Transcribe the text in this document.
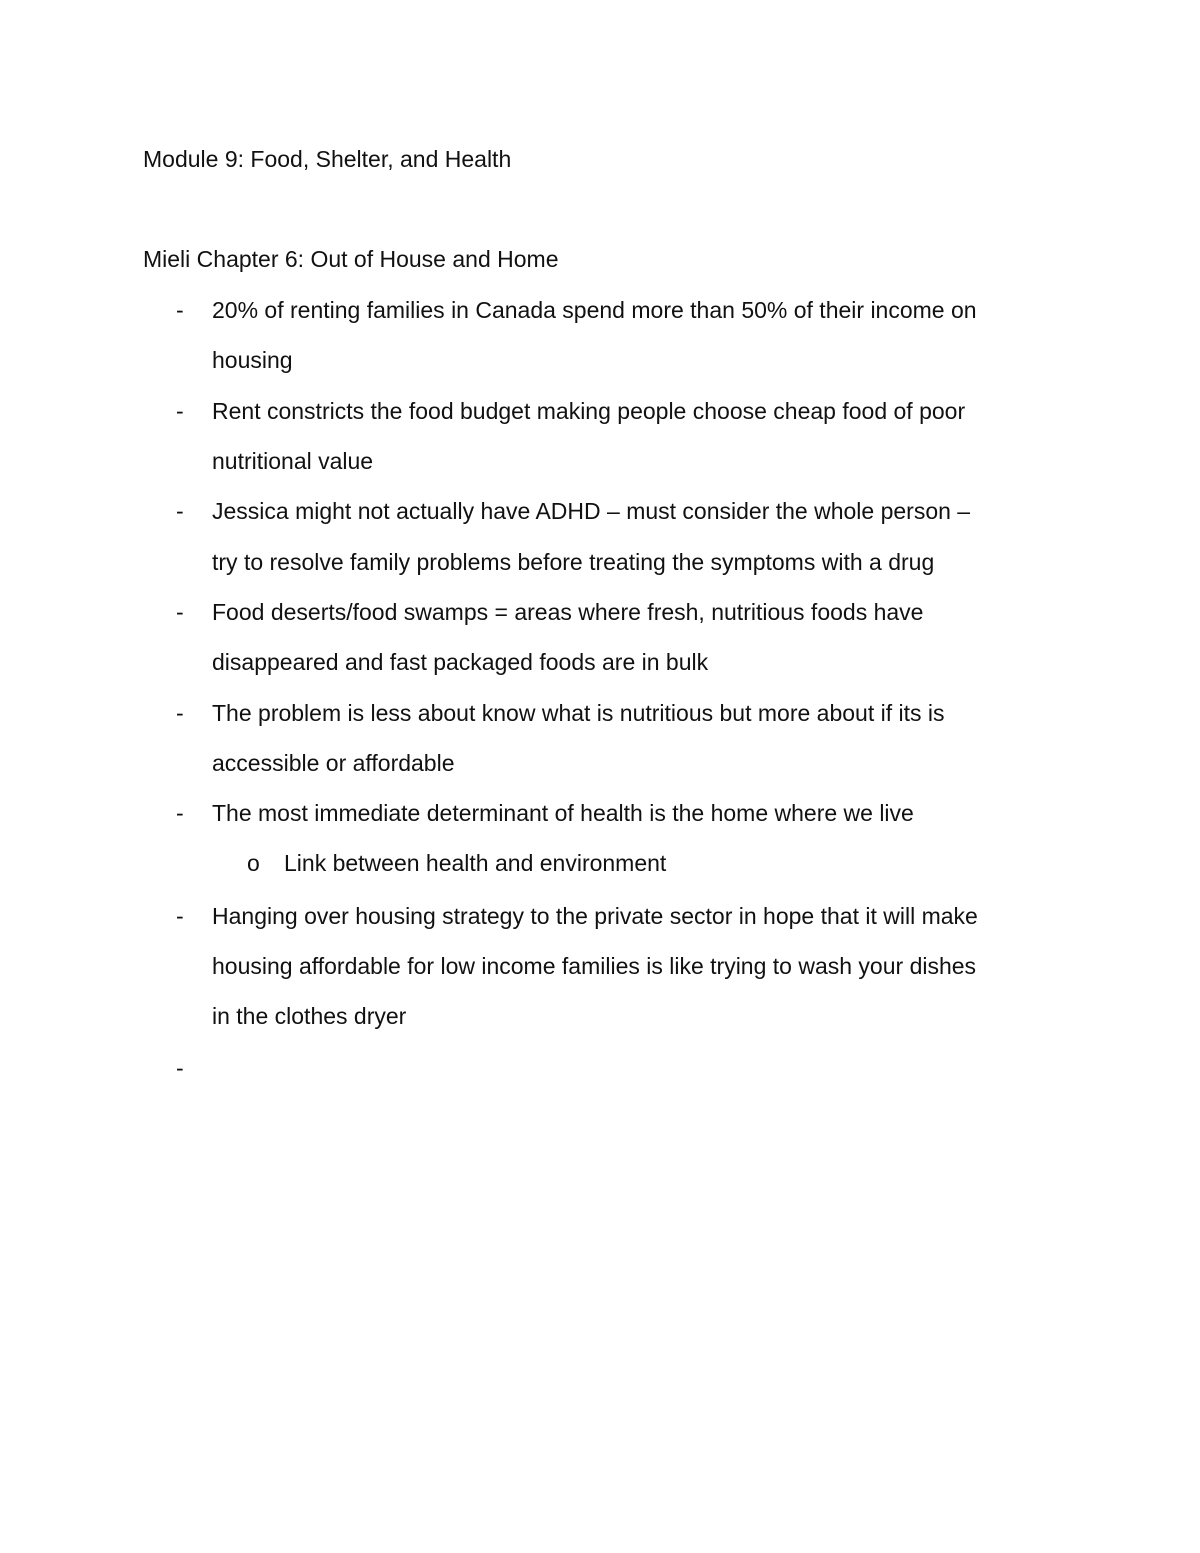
Module 9: Food, Shelter, and Health
Mieli Chapter 6: Out of House and Home
-	20% of renting families in Canada spend more than 50% of their income on
housing
-	Rent constricts the food budget making people choose cheap food of poor
nutritional value
-	Jessica might not actually have ADHD – must consider the whole person –
try to resolve family problems before treating the symptoms with a drug
-	Food deserts/food swamps = areas where fresh, nutritious foods have
disappeared and fast packaged foods are in bulk
-	The problem is less about know what is nutritious but more about if its is
accessible or affordable
-	The most immediate determinant of health is the home where we live
o Link between health and environment
-	Hanging over housing strategy to the private sector in hope that it will make
housing affordable for low income families is like trying to wash your dishes
in the clothes dryer
-
